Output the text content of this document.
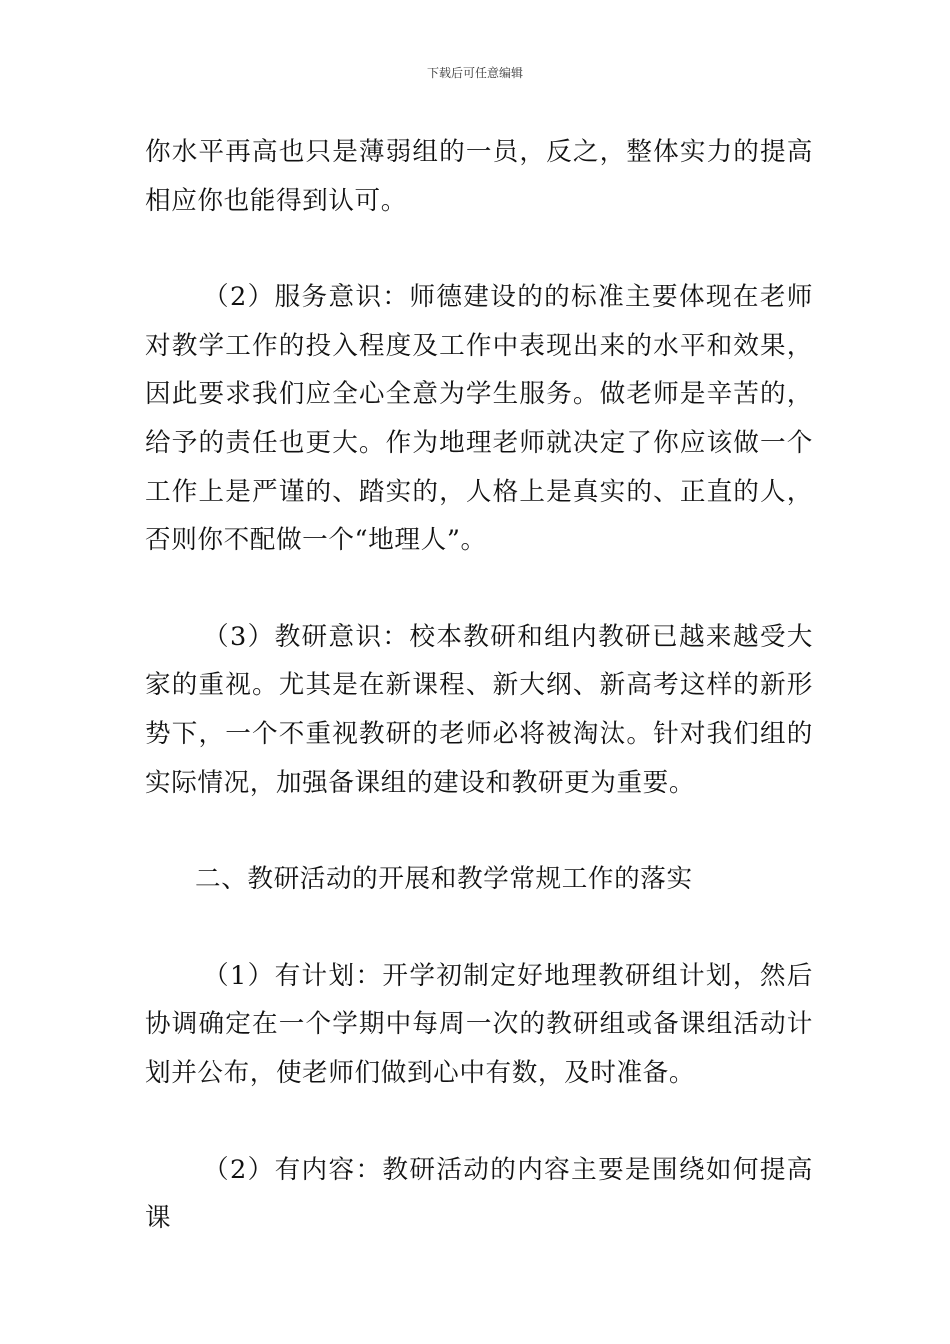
下载后可任意编辑

你水平再高也只是薄弱组的一员，反之，整体实力的提高相应你也能得到认可。

（2）服务意识：师德建设的的标准主要体现在老师对教学工作的投入程度及工作中表现出来的水平和效果，因此要求我们应全心全意为学生服务。做老师是辛苦的，给予的责任也更大。作为地理老师就决定了你应该做一个工作上是严谨的、踏实的，人格上是真实的、正直的人，否则你不配做一个“地理人”。

（3）教研意识：校本教研和组内教研已越来越受大家的重视。尤其是在新课程、新大纲、新高考这样的新形势下，一个不重视教研的老师必将被淘汰。针对我们组的实际情况，加强备课组的建设和教研更为重要。

二、教研活动的开展和教学常规工作的落实

（1）有计划：开学初制定好地理教研组计划，然后协调确定在一个学期中每周一次的教研组或备课组活动计划并公布，使老师们做到心中有数，及时准备。

（2）有内容：教研活动的内容主要是围绕如何提高课
